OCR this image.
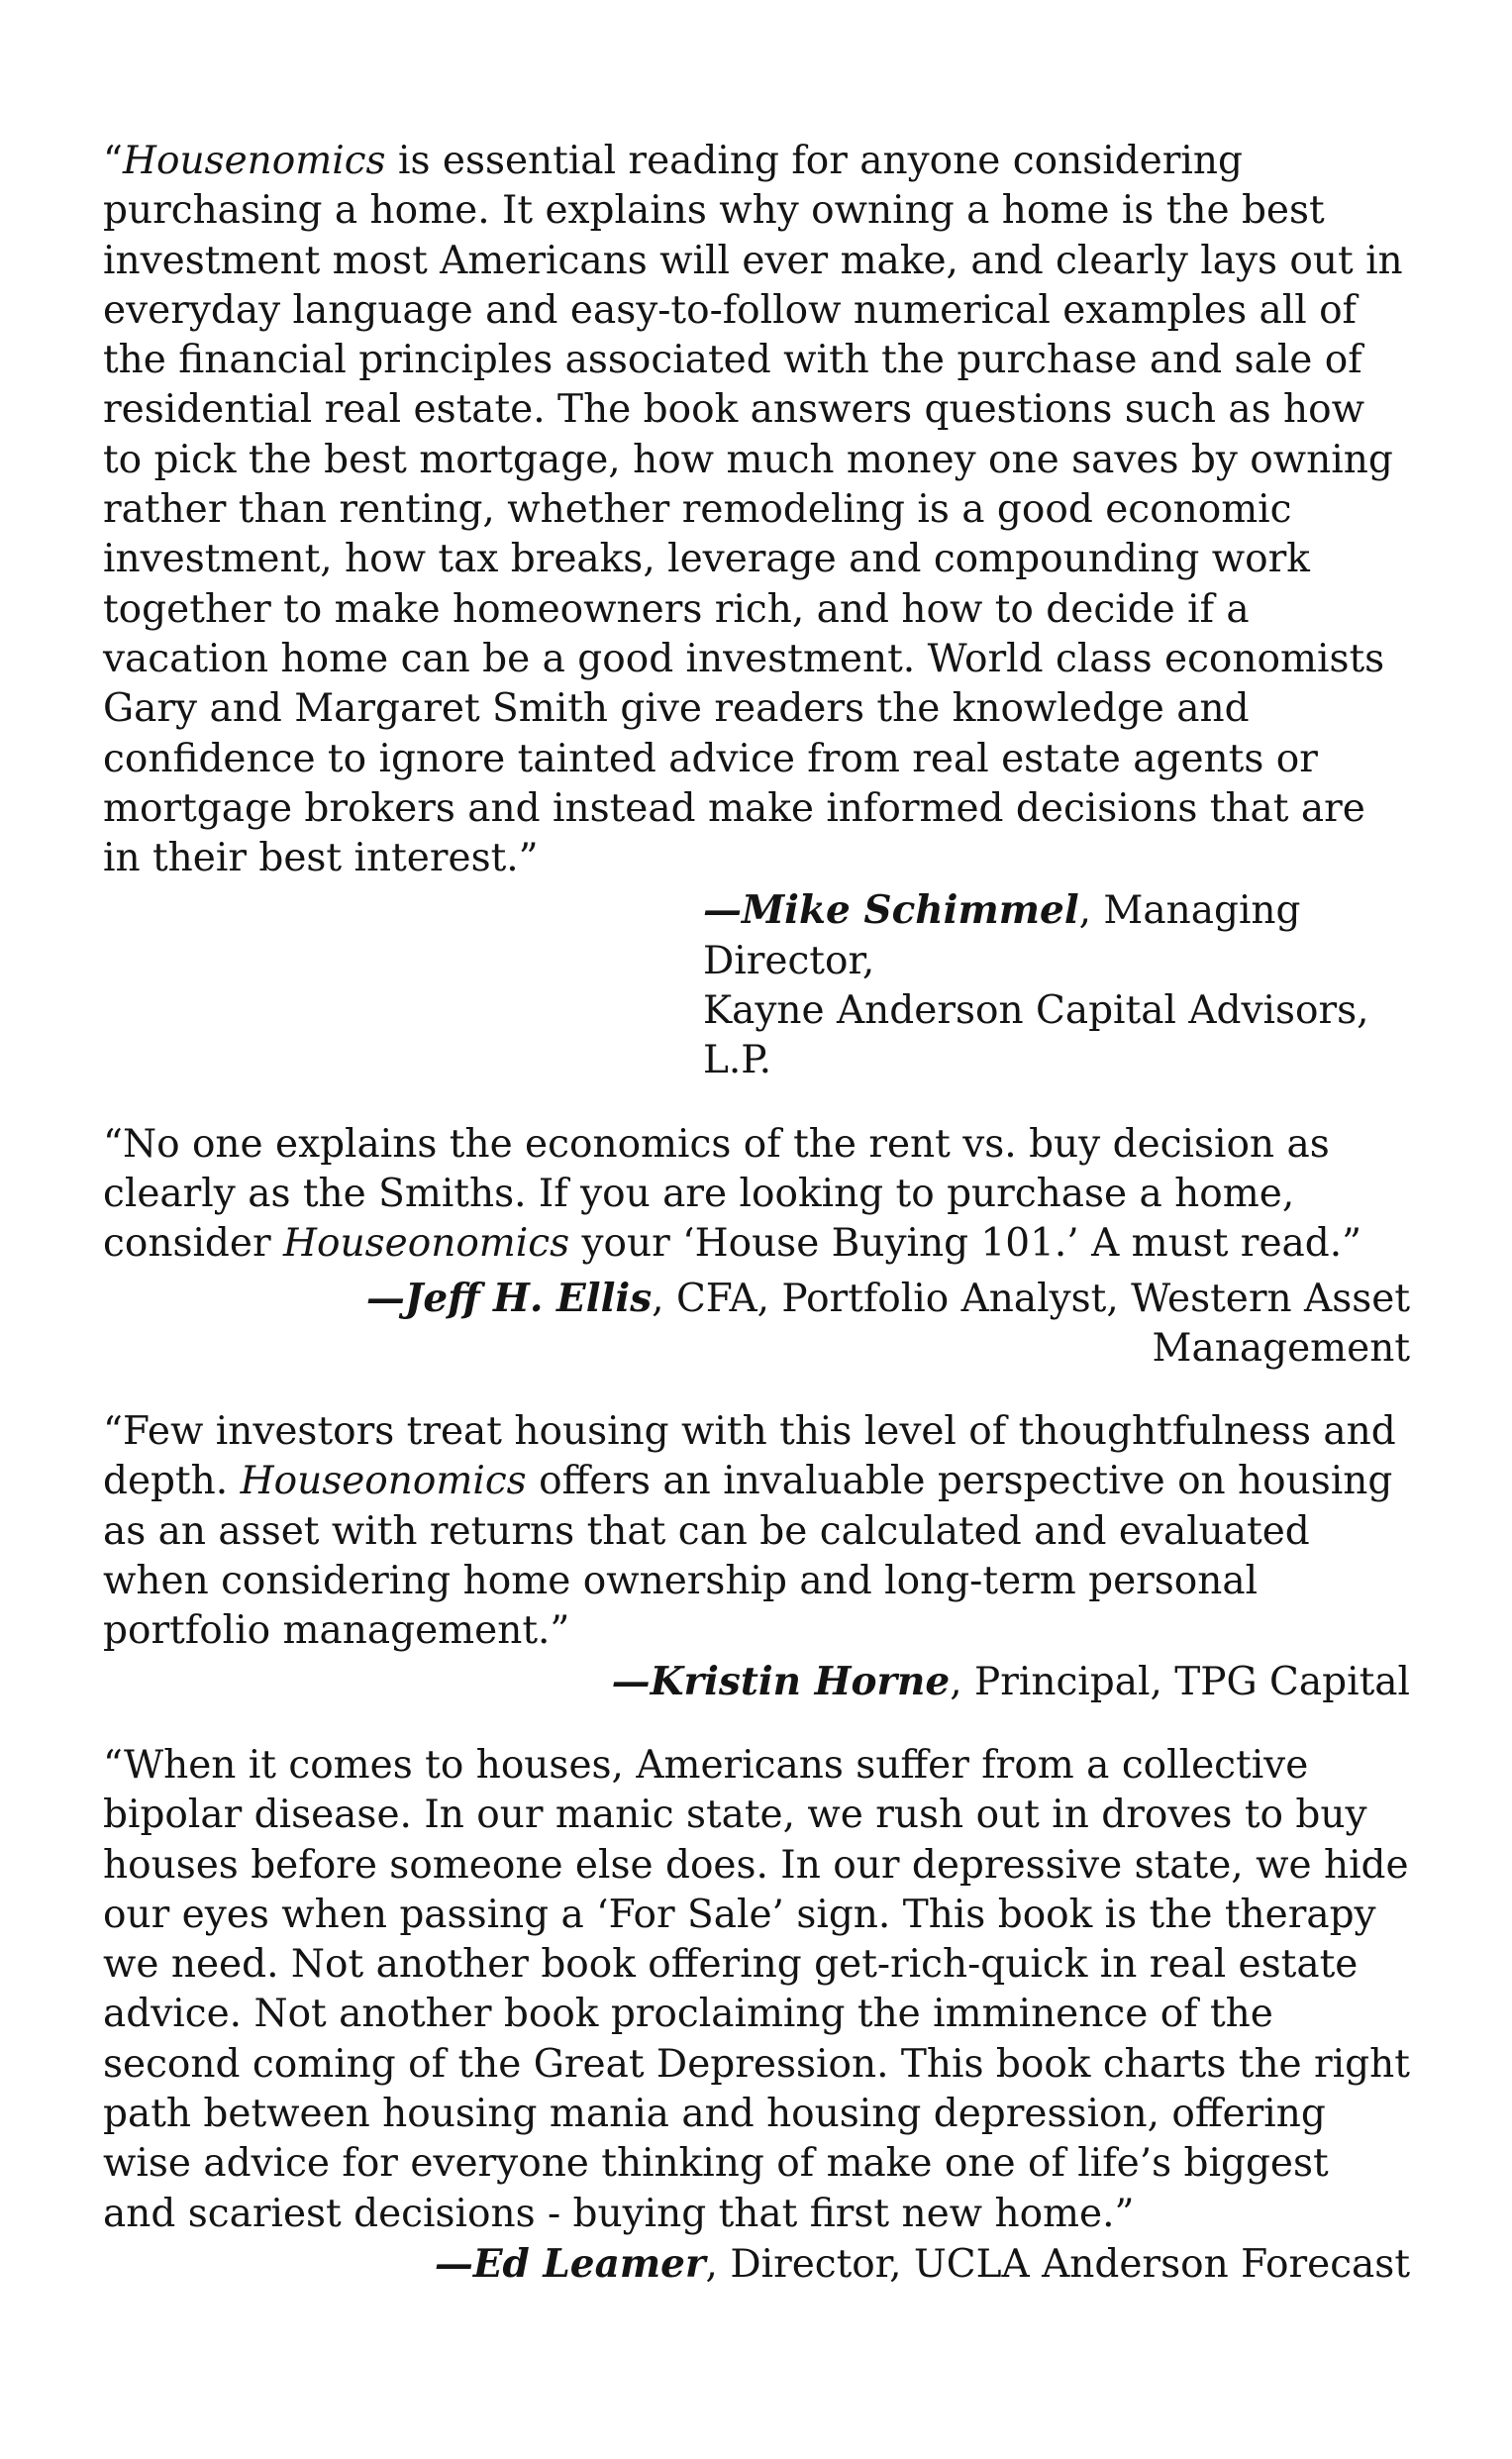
“Housenomics is essential reading for anyone considering purchasing a home. It explains why owning a home is the best investment most Americans will ever make, and clearly lays out in everyday language and easy-to-follow numerical examples all of the financial principles associated with the purchase and sale of residential real estate. The book answers questions such as how to pick the best mortgage, how much money one saves by owning rather than renting, whether remodeling is a good economic investment, how tax breaks, leverage and compounding work together to make homeowners rich, and how to decide if a vacation home can be a good investment. World class economists Gary and Margaret Smith give readers the knowledge and confidence to ignore tainted advice from real estate agents or mortgage brokers and instead make informed decisions that are in their best interest.”

—Mike Schimmel, Managing Director,
Kayne Anderson Capital Advisors, L.P.

“No one explains the economics of the rent vs. buy decision as clearly as the Smiths. If you are looking to purchase a home, consider Houseonomics your ‘House Buying 101.’ A must read.”

—Jeff H. Ellis, CFA, Portfolio Analyst, Western Asset Management

“Few investors treat housing with this level of thoughtfulness and depth. Houseonomics offers an invaluable perspective on housing as an asset with returns that can be calculated and evaluated when considering home ownership and long-term personal portfolio management.”

—Kristin Horne, Principal, TPG Capital

“When it comes to houses, Americans suffer from a collective bipolar disease. In our manic state, we rush out in droves to buy houses before someone else does. In our depressive state, we hide our eyes when passing a ‘For Sale’ sign. This book is the therapy we need. Not another book offering get-rich-quick in real estate advice. Not another book proclaiming the imminence of the second coming of the Great Depression. This book charts the right path between housing mania and housing depression, offering wise advice for everyone thinking of make one of life’s biggest and scariest decisions - buying that first new home.”

—Ed Leamer, Director, UCLA Anderson Forecast
